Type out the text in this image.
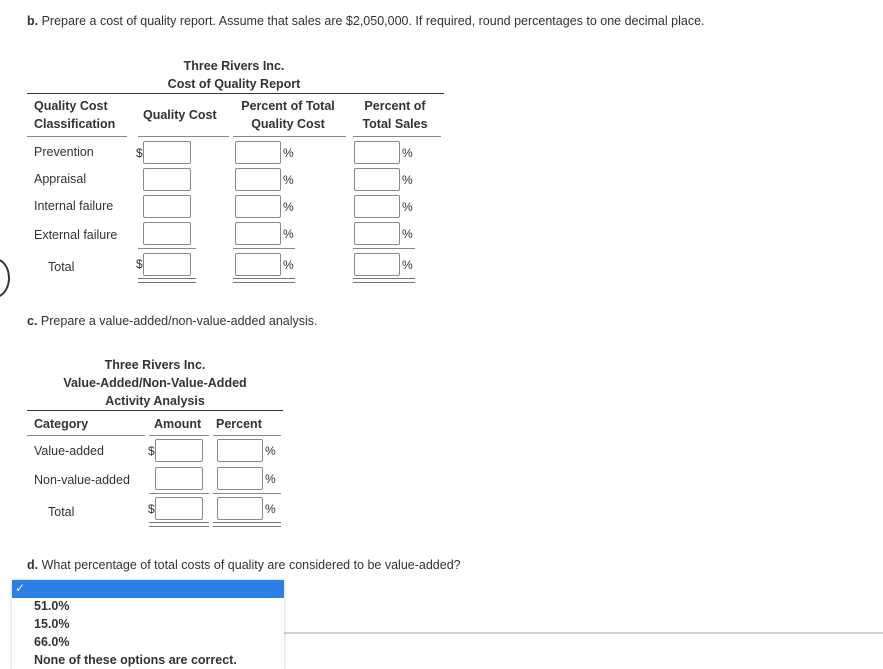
b. Prepare a cost of quality report. Assume that sales are $2,050,000. If required, round percentages to one decimal place.
Three Rivers Inc.
Cost of Quality Report
Quality Cost
Classification
Quality Cost
Percent of Total
Quality Cost
Percent of
Total Sales
Prevention
Appraisal
Internal failure
External failure
Total
$
$
%
%
%
%
%
%
%
%
%
%
c. Prepare a value-added/non-value-added analysis.
Three Rivers Inc.
Value-Added/Non-Value-Added
Activity Analysis
Category	Amount Percent
Value-added
Non-value-added
Total
$
$
%
%
%
d. What percentage of total costs of quality are considered to be value-added?
✓
51.0%
15.0%
66.0%
None of these options are correct.
